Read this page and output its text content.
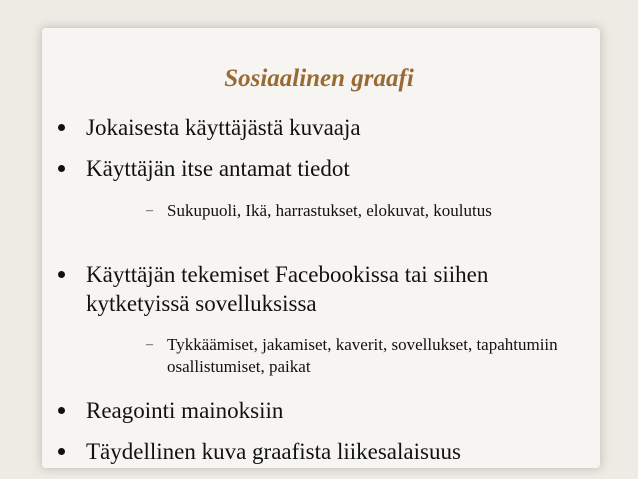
Sosiaalinen graafi
Jokaisesta käyttäjästä kuvaaja
Käyttäjän itse antamat tiedot
– Sukupuoli, Ikä, harrastukset, elokuvat, koulutus
Käyttäjän tekemiset Facebookissa tai siihen kytketyissä sovelluksissa
– Tykkäämiset, jakamiset, kaverit, sovellukset, tapahtumiin osallistumiset, paikat
Reagointi mainoksiin
Täydellinen kuva graafista liikesalaisuus
